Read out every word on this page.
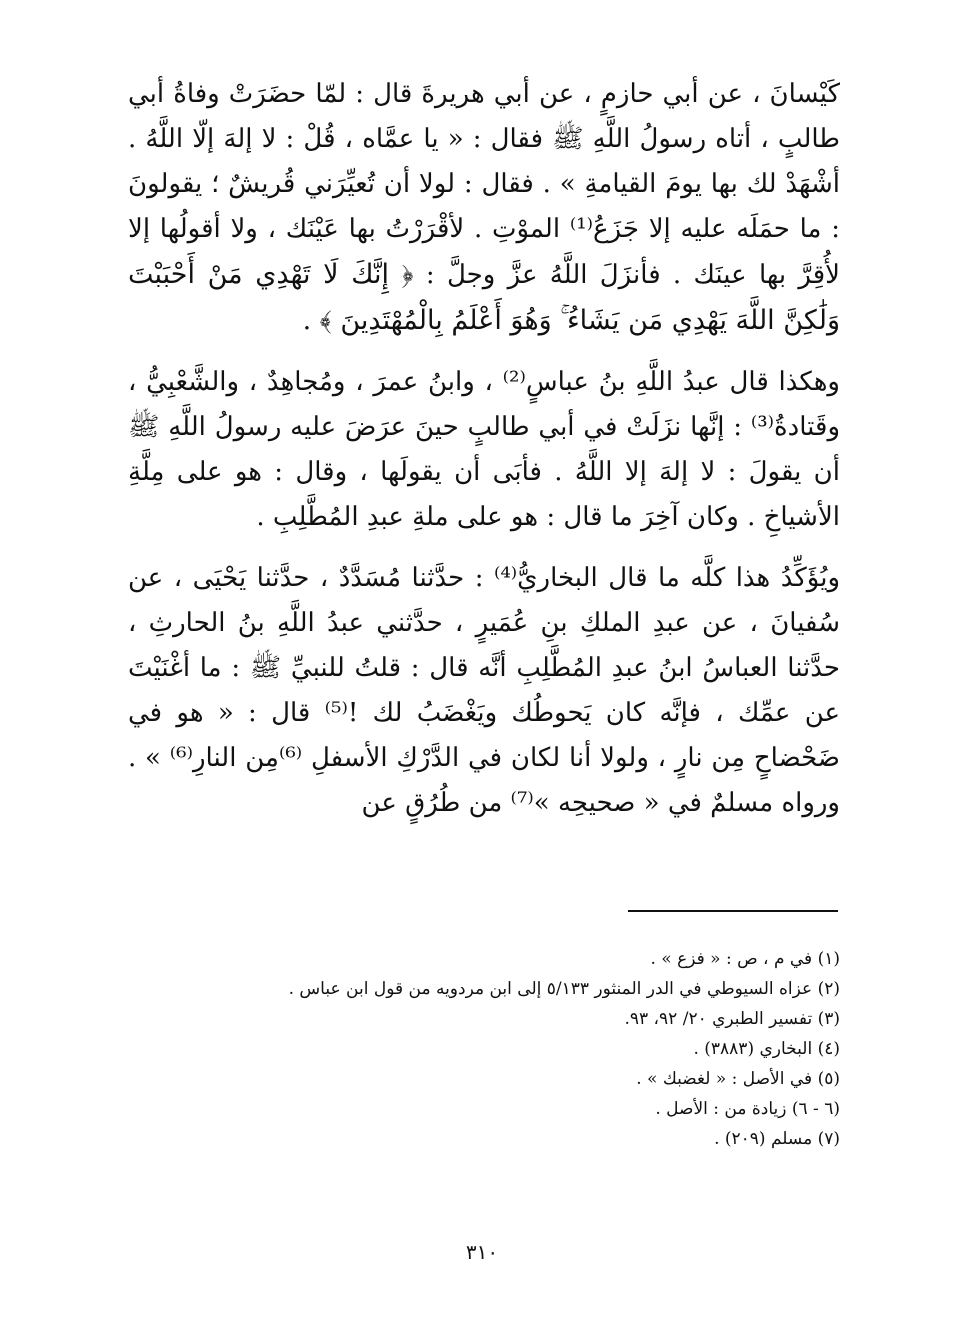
كَيْسانَ ، عن أبي حازمٍ ، عن أبي هريرةَ قال : لمّا حضَرَتْ وفاةُ أبي طالبٍ ، أتاه رسولُ اللَّهِ ﷺ فقال : « يا عمَّاه ، قُلْ : لا إلهَ إلّا اللَّهُ . أشْهَدْ لك بها يومَ القيامةِ » . فقال : لولا أن تُعيِّرَني قُريشٌ ؛ يقولونَ : ما حمَلَه عليه إلا جَزَعُ⁽¹⁾ الموْتِ . لأقْرَرْتُ بها عَيْنَك ، ولا أقولُها إلا لأُقِرَّ بها عينَك . فأنزَلَ اللَّهُ عزَّ وجلَّ : ﴿ إِنَّكَ لَا تَهْدِي مَنْ أَحْبَبْتَ وَلَٰكِنَّ اللَّهَ يَهْدِي مَن يَشَاءُ ۚ وَهُوَ أَعْلَمُ بِالْمُهْتَدِينَ ﴾ .

وهكذا قال عبدُ اللَّهِ بنُ عباسٍ⁽²⁾ ، وابنُ عمرَ ، ومُجاهِدٌ ، والشَّعْبِيُّ ، وقَتادةُ⁽³⁾ : إنَّها نزَلَتْ في أبي طالبٍ حينَ عرَضَ عليه رسولُ اللَّهِ ﷺ أن يقولَ : لا إلهَ إلا اللَّهُ . فأبَى أن يقولَها ، وقال : هو على مِلَّةِ الأشياخِ . وكان آخِرَ ما قال : هو على ملةِ عبدِ المُطَّلِبِ .

ويُؤَكِّدُ هذا كلَّه ما قال البخاريُّ⁽⁴⁾ : حدَّثنا مُسَدَّدٌ ، حدَّثنا يَحْيَى ، عن سُفيانَ ، عن عبدِ الملكِ بنِ عُمَيرٍ ، حدَّثني عبدُ اللَّهِ بنُ الحارثِ ، حدَّثنا العباسُ ابنُ عبدِ المُطَّلِبِ أنَّه قال : قلتُ للنبيِّ ﷺ : ما أغْنَيْتَ عن عمِّك ، فإنَّه كان يَحوطُك ويَغْضَبُ لك !⁽⁵⁾ قال : « هو في ضَحْضاحٍ مِن نارٍ ، ولولا أنا لكان في الدَّرْكِ الأسفلِ ⁽⁶⁾مِن النارِ⁽⁶⁾ » . ورواه مسلمٌ في « صحيحِه »⁽⁷⁾ من طُرُقٍ عن

(١) في م ، ص : « فزع » .

(٢) عزاه السيوطي في الدر المنثور ٥/١٣٣ إلى ابن مردويه من قول ابن عباس .

(٣) تفسير الطبري ٢٠/ ٩٢، ٩٣.

(٤) البخاري (٣٨٨٣) .

(٥) في الأصل : « لغضبك » .

(٦ - ٦) زيادة من : الأصل .

(٧) مسلم (٢٠٩) .

٣١٠
